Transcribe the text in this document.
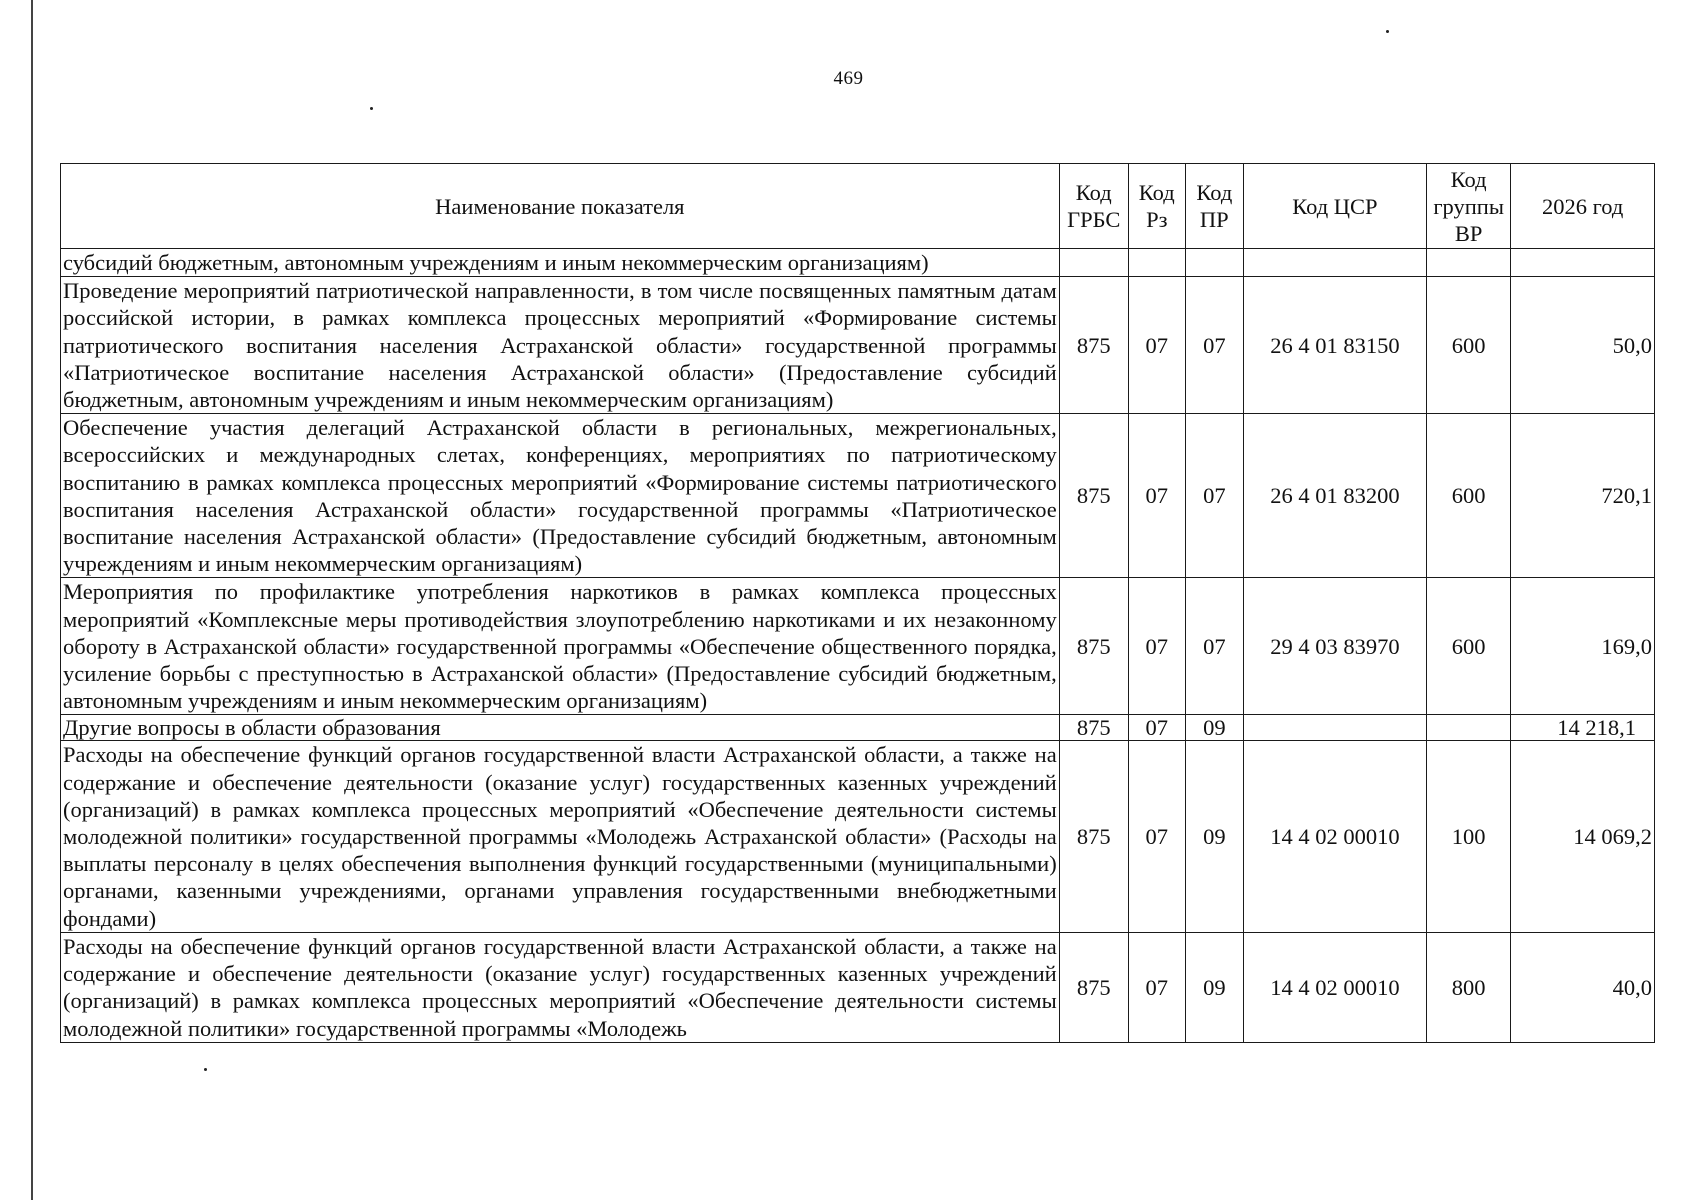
469
Наименование показателя	Код ГРБС	Код Рз	Код ПР	Код ЦСР	Код группы ВР	2026 год
субсидий бюджетным, автономным учреждениям и иным некоммерческим организациям)						
Проведение мероприятий патриотической направленности, в том числе посвященных памятным датам российской истории, в рамках комплекса процессных мероприятий «Формирование системы патриотического воспитания населения Астраханской области» государственной программы «Патриотическое воспитание населения Астраханской области» (Предоставление субсидий бюджетным, автономным учреждениям и иным некоммерческим организациям)	875	07	07	26 4 01 83150	600	50,0
Обеспечение участия делегаций Астраханской области в региональных, межрегиональных, всероссийских и международных слетах, конференциях, мероприятиях по патриотическому воспитанию в рамках комплекса процессных мероприятий «Формирование системы патриотического воспитания населения Астраханской области» государственной программы «Патриотическое воспитание населения Астраханской области» (Предоставление субсидий бюджетным, автономным учреждениям и иным некоммерческим организациям)	875	07	07	26 4 01 83200	600	720,1
Мероприятия по профилактике употребления наркотиков в рамках комплекса процессных мероприятий «Комплексные меры противодействия злоупотреблению наркотиками и их незаконному обороту в Астраханской области» государственной программы «Обеспечение общественного порядка, усиление борьбы с преступностью в Астраханской области» (Предоставление субсидий бюджетным, автономным учреждениям и иным некоммерческим организациям)	875	07	07	29 4 03 83970	600	169,0
Другие вопросы в области образования	875	07	09			14 218,1
Расходы на обеспечение функций органов государственной власти Астраханской области, а также на содержание и обеспечение деятельности (оказание услуг) государственных казенных учреждений (организаций) в рамках комплекса процессных мероприятий «Обеспечение деятельности системы молодежной политики» государственной программы «Молодежь Астраханской области» (Расходы на выплаты персоналу в целях обеспечения выполнения функций государственными (муниципальными) органами, казенными учреждениями, органами управления государственными внебюджетными фондами)	875	07	09	14 4 02 00010	100	14 069,2

Расходы на обеспечение функций органов государственной власти Астраханской области, а также на содержание и обеспечение деятельности (оказание услуг) государственных казенных учреждений (организаций) в рамках комплекса процессных мероприятий «Обеспечение деятельности системы молодежной политики» государственной программы «Молодежь	875	07	09	14 4 02 00010	800	40,0
